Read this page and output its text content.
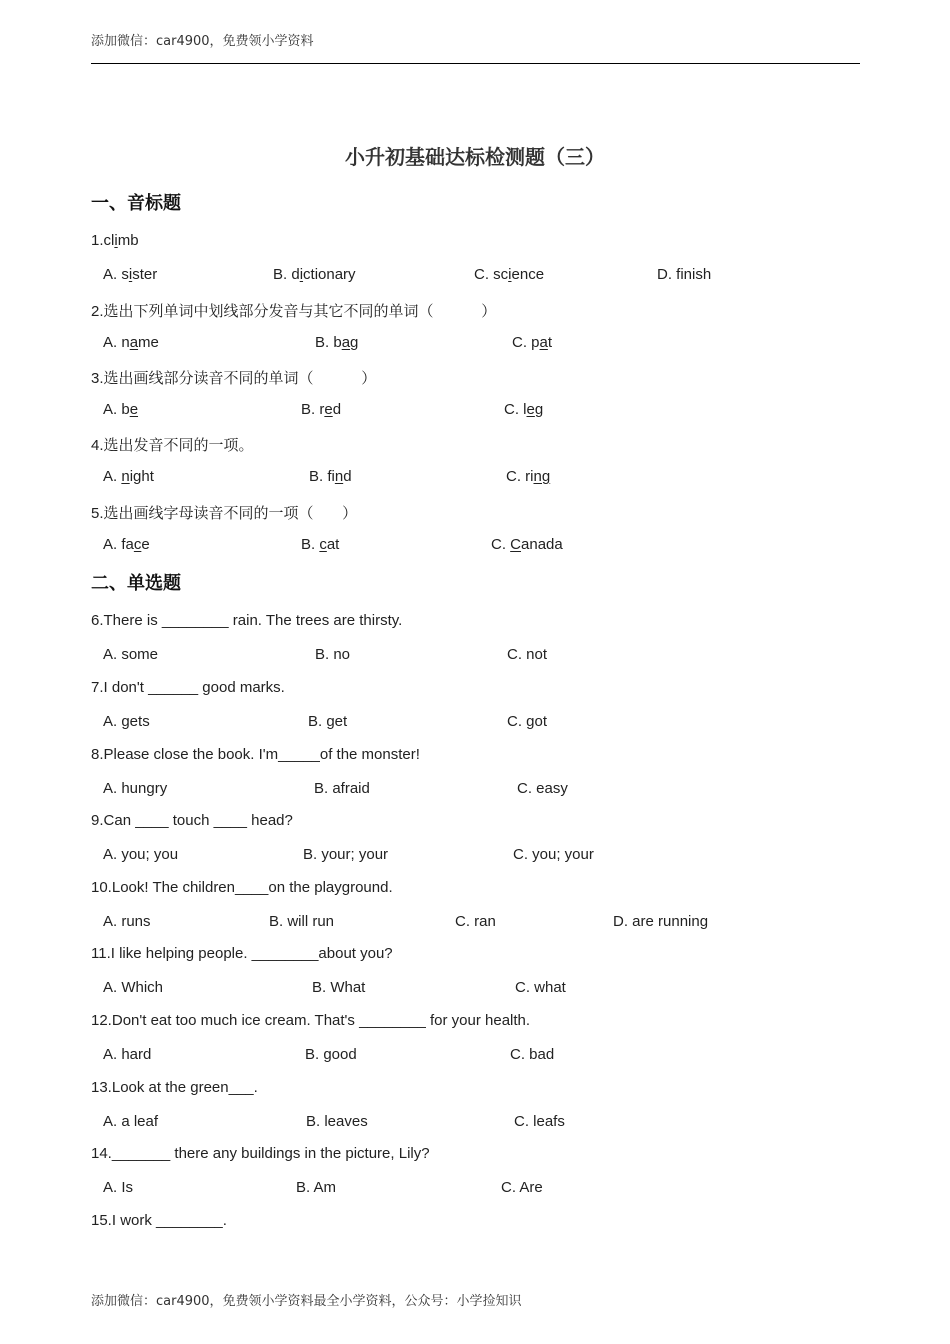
添加微信：car4900，免费领小学资料
小升初基础达标检测题（三）
一、音标题
二、单选题
1.climb
A. sister	B. dictionary	C. science	D. finish
2.选出下列单词中划线部分发音与其它不同的单词（          ）
A. name	B. bag	C. pat
3.选出画线部分读音不同的单词（          ）
A. be	B. red	C. leg
4.选出发音不同的一项。
A. night	B. find	C. ring
5.选出画线字母读音不同的一项（      ）
A. face	B. cat	C. Canada
6.There is ________ rain. The trees are thirsty.
A. some	B. no	C. not
7.I don't ______ good marks.
A. gets	B. get	C. got
8.Please close the book. I'm_____of the monster!
A. hungry	B. afraid	C. easy
9.Can ____ touch ____ head?
A. you; you	B. your; your	C. you; your
10.Look! The children____on the playground.
A. runs	B. will run	C. ran	D. are running
11.I like helping people. ________about you?
A. Which	B. What	C. what
12.Don't eat too much ice cream. That's ________ for your health.
A. hard	B. good	C. bad
13.Look at the green___.
A. a leaf	B. leaves	C. leafs
14._______ there any buildings in the picture, Lily?
A. Is	B. Am	C. Are
15.I work ________.
添加微信：car4900，免费领小学资料最全小学资料，公众号：小学捡知识
